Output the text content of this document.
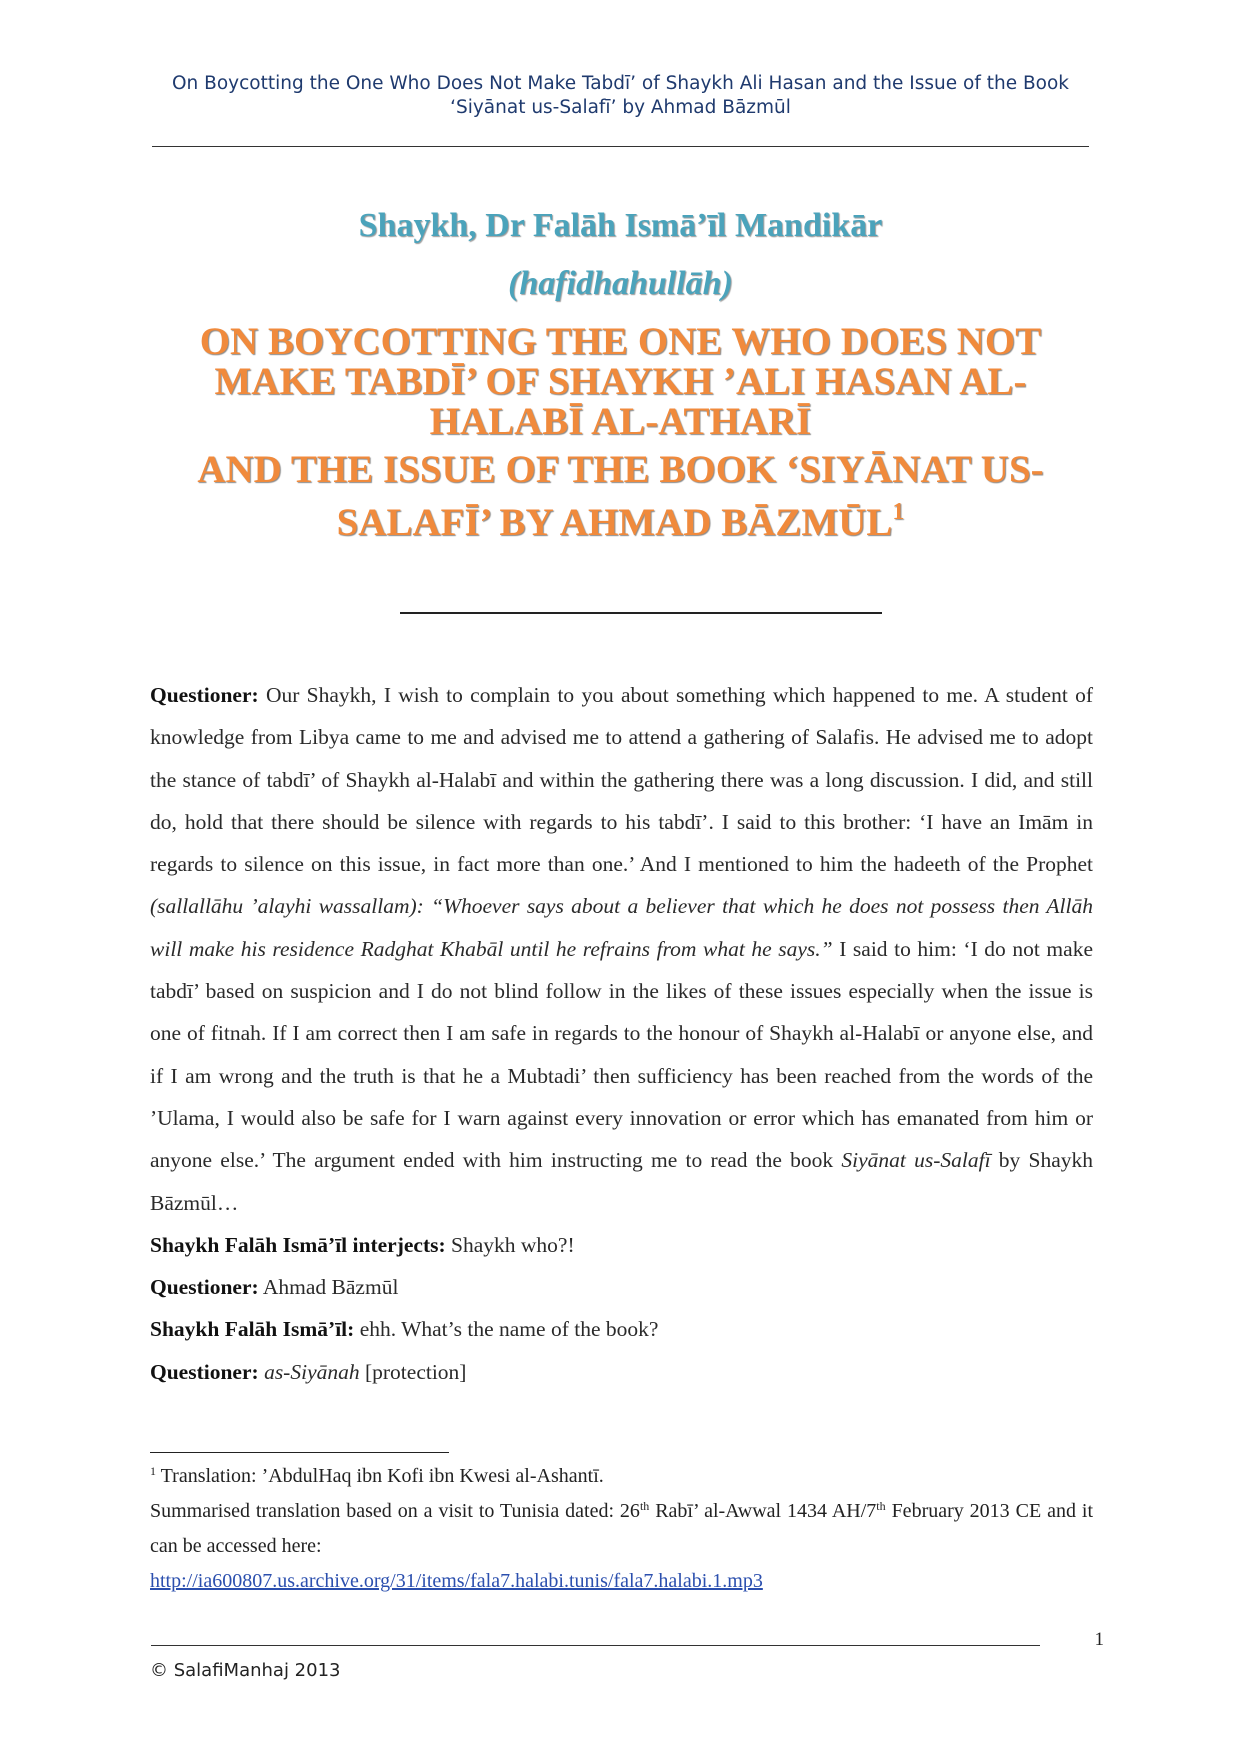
On Boycotting the One Who Does Not Make Tabdī’ of Shaykh Ali Hasan and the Issue of the Book
‘Siyānat us-Salafī’ by Ahmad Bāzmūl
Shaykh, Dr Falāh Ismā’īl Mandikār
(hafidhahullāh)
ON BOYCOTTING THE ONE WHO DOES NOT
MAKE TABDĪ’ OF SHAYKH ’ALI HASAN AL-
HALABĪ AL-ATHARĪ
AND THE ISSUE OF THE BOOK ‘SIYĀNAT US-
SALAFĪ’ BY AHMAD BĀZMŪL$^1$

Questioner: Our Shaykh, I wish to complain to you about something which happened to me. A student of knowledge from Libya came to me and advised me to attend a gathering of Salafis. He advised me to adopt the stance of tabdī’ of Shaykh al-Halabī and within the gathering there was a long discussion. I did, and still do, hold that there should be silence with regards to his tabdī’. I said to this brother: ‘I have an Imām in regards to silence on this issue, in fact more than one.’ And I mentioned to him the hadeeth of the Prophet (sallallāhu ’alayhi wassallam): “Whoever says about a believer that which he does not possess then Allāh will make his residence Radghat Khabāl until he refrains from what he says.” I said to him: ‘I do not make tabdī’ based on suspicion and I do not blind follow in the likes of these issues especially when the issue is one of fitnah. If I am correct then I am safe in regards to the honour of Shaykh al-Halabī or anyone else, and if I am wrong and the truth is that he a Mubtadi’ then sufficiency has been reached from the words of the ’Ulama, I would also be safe for I warn against every innovation or error which has emanated from him or anyone else.’ The argument ended with him instructing me to read the book Siyānat us-Salafī by Shaykh Bāzmūl…

Shaykh Falāh Ismā’īl interjects: Shaykh who?!

Questioner: Ahmad Bāzmūl

Shaykh Falāh Ismā’īl: ehh. What’s the name of the book?

Questioner: as-Siyānah [protection]

$^1$ Translation: ’AbdulHaq ibn Kofi ibn Kwesi al-Ashantī.

Summarised translation based on a visit to Tunisia dated: 26th Rabī’ al-Awwal 1434 AH/7th February 2013 CE and it can be accessed here:

http://ia600807.us.archive.org/31/items/fala7.halabi.tunis/fala7.halabi.1.mp3

1
© SalafiManhaj 2013
